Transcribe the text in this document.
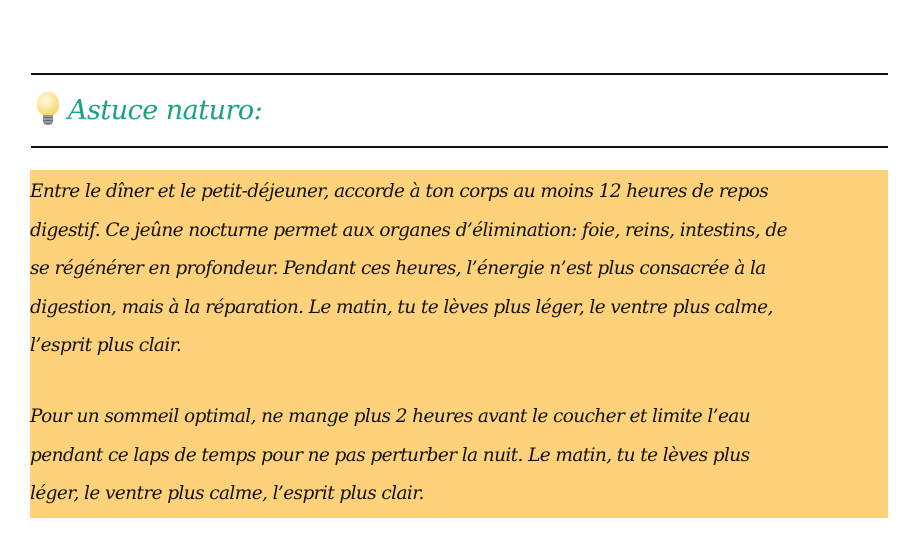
Astuce naturo:
Entre le dîner et le petit-déjeuner, accorde à ton corps au moins 12 heures de repos
digestif. Ce jeûne nocturne permet aux organes d’élimination: foie, reins, intestins, de
se régénérer en profondeur. Pendant ces heures, l’énergie n’est plus consacrée à la
digestion, mais à la réparation. Le matin, tu te lèves plus léger, le ventre plus calme,
l’esprit plus clair.
Pour un sommeil optimal, ne mange plus 2 heures avant le coucher et limite l’eau
pendant ce laps de temps pour ne pas perturber la nuit. Le matin, tu te lèves plus
léger, le ventre plus calme, l’esprit plus clair.
